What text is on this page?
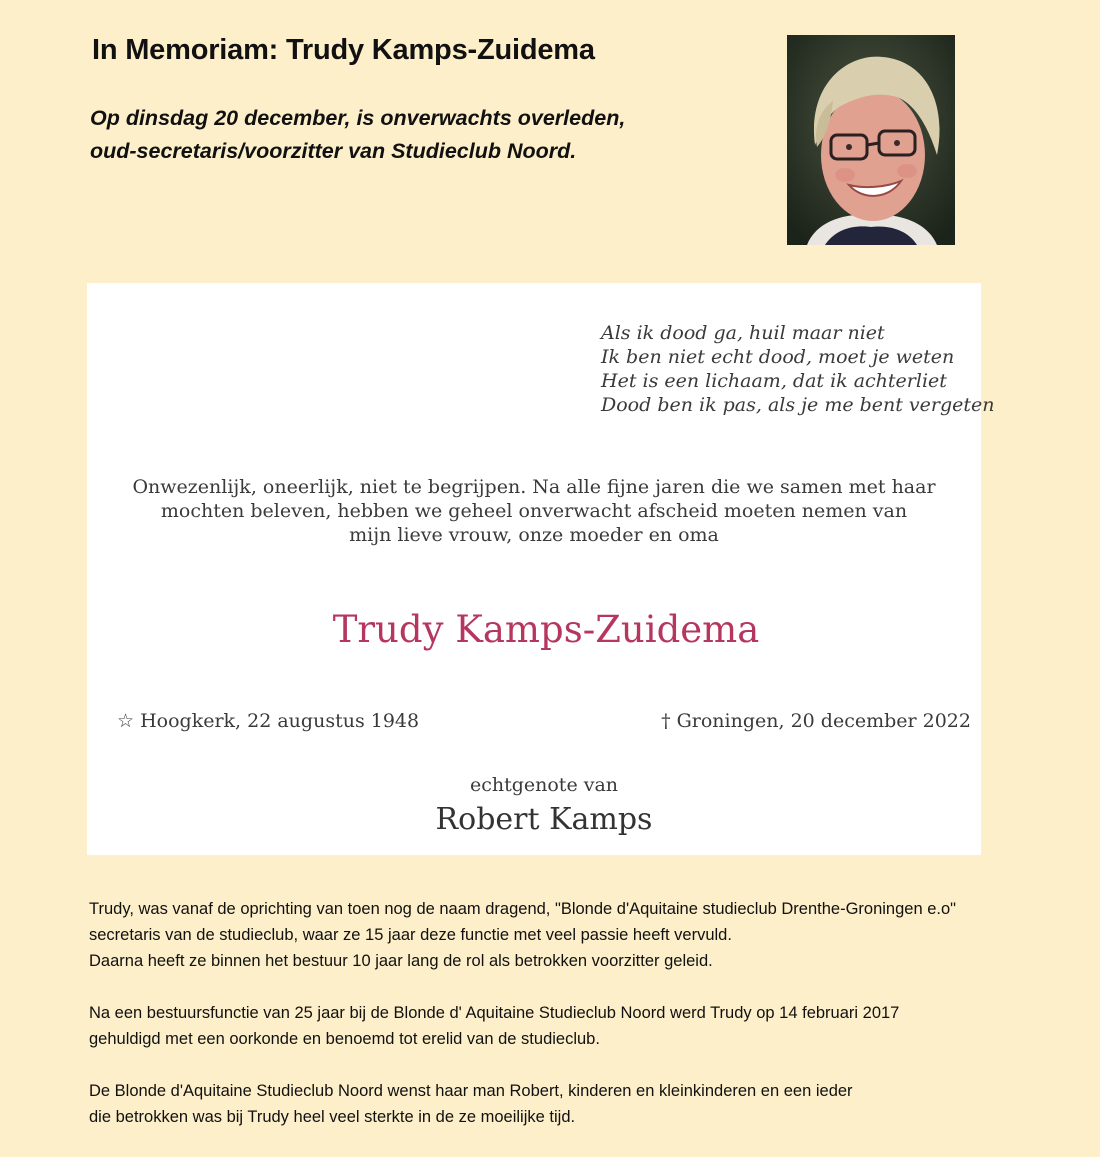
In Memoriam: Trudy Kamps-Zuidema
Op dinsdag 20 december, is onverwachts overleden,
oud-secretaris/voorzitter van Studieclub Noord.
Als ik dood ga, huil maar niet
Ik ben niet echt dood, moet je weten
Het is een lichaam, dat ik achterliet
Dood ben ik pas, als je me bent vergeten
Onwezenlijk, oneerlijk, niet te begrijpen. Na alle fijne jaren die we samen met haar
mochten beleven, hebben we geheel onverwacht afscheid moeten nemen van
mijn lieve vrouw, onze moeder en oma
Trudy Kamps-Zuidema
☆ Hoogkerk, 22 augustus 1948	† Groningen, 20 december 2022
echtgenote van
Robert Kamps

Trudy, was vanaf de oprichting van toen nog de naam dragend, "Blonde d'Aquitaine studieclub Drenthe-Groningen e.o"
secretaris van de studieclub, waar ze 15 jaar deze functie met veel passie heeft vervuld.
Daarna heeft ze binnen het bestuur 10 jaar lang de rol als betrokken voorzitter geleid.

Na een bestuursfunctie van 25 jaar bij de Blonde d' Aquitaine Studieclub Noord werd Trudy op 14 februari 2017
gehuldigd met een oorkonde en benoemd tot erelid van de studieclub.

De Blonde d'Aquitaine Studieclub Noord wenst haar man Robert, kinderen en kleinkinderen en een ieder
die betrokken was bij Trudy heel veel sterkte in de ze moeilijke tijd.
